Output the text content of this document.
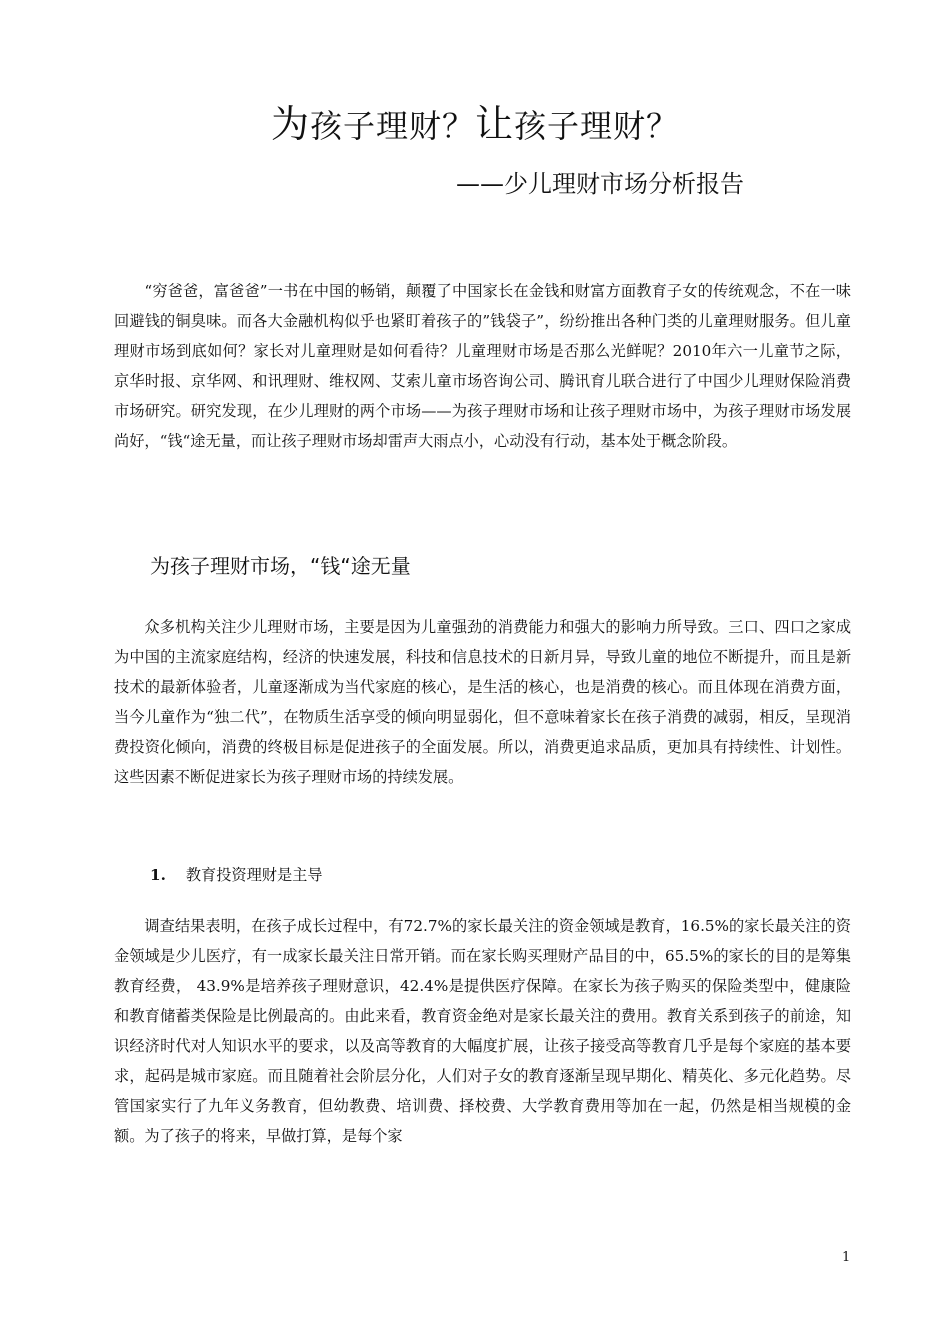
为孩子理财？让孩子理财？

——少儿理财市场分析报告

“穷爸爸，富爸爸”一书在中国的畅销，颠覆了中国家长在金钱和财富方面教育子女的传统观念，不在一味回避钱的铜臭味。而各大金融机构似乎也紧盯着孩子的”钱袋子”，纷纷推出各种门类的儿童理财服务。但儿童理财市场到底如何？家长对儿童理财是如何看待？儿童理财市场是否那么光鲜呢？2010年六一儿童节之际，京华时报、京华网、和讯理财、维权网、艾索儿童市场咨询公司、腾讯育儿联合进行了中国少儿理财保险消费市场研究。研究发现，在少儿理财的两个市场——为孩子理财市场和让孩子理财市场中，为孩子理财市场发展尚好，“钱“途无量，而让孩子理财市场却雷声大雨点小，心动没有行动，基本处于概念阶段。

为孩子理财市场，“钱“途无量

众多机构关注少儿理财市场，主要是因为儿童强劲的消费能力和强大的影响力所导致。三口、四口之家成为中国的主流家庭结构，经济的快速发展，科技和信息技术的日新月异，导致儿童的地位不断提升，而且是新技术的最新体验者，儿童逐渐成为当代家庭的核心，是生活的核心，也是消费的核心。而且体现在消费方面，当今儿童作为“独二代”，在物质生活享受的倾向明显弱化，但不意味着家长在孩子消费的减弱，相反，呈现消费投资化倾向，消费的终极目标是促进孩子的全面发展。所以，消费更追求品质，更加具有持续性、计划性。这些因素不断促进家长为孩子理财市场的持续发展。

1. 教育投资理财是主导

调查结果表明，在孩子成长过程中，有72.7%的家长最关注的资金领域是教育，16.5%的家长最关注的资金领域是少儿医疗，有一成家长最关注日常开销。而在家长购买理财产品目的中，65.5%的家长的目的是筹集教育经费， 43.9%是培养孩子理财意识，42.4%是提供医疗保障。在家长为孩子购买的保险类型中，健康险和教育储蓄类保险是比例最高的。由此来看，教育资金绝对是家长最关注的费用。教育关系到孩子的前途，知识经济时代对人知识水平的要求，以及高等教育的大幅度扩展，让孩子接受高等教育几乎是每个家庭的基本要求，起码是城市家庭。而且随着社会阶层分化，人们对子女的教育逐渐呈现早期化、精英化、多元化趋势。尽管国家实行了九年义务教育，但幼教费、培训费、择校费、大学教育费用等加在一起，仍然是相当规模的金额。为了孩子的将来，早做打算，是每个家

1
